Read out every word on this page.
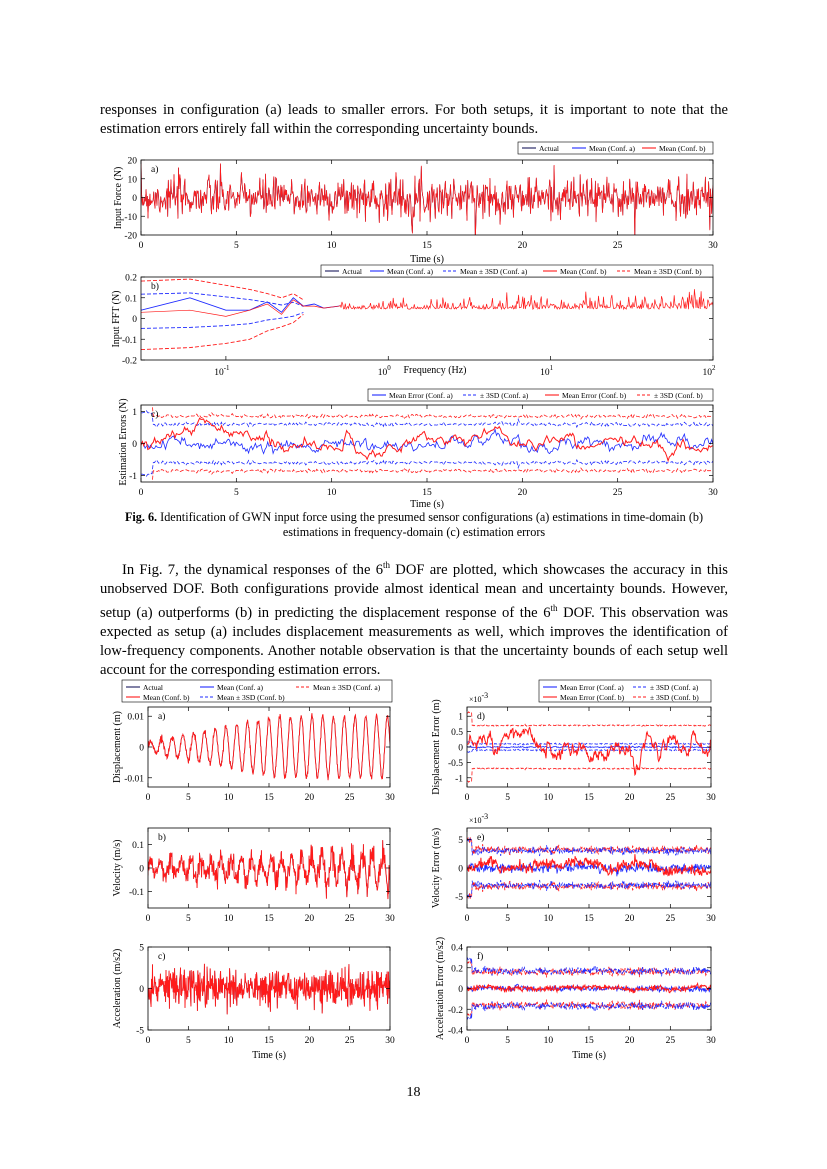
responses in configuration (a) leads to smaller errors. For both setups, it is important to note that the estimation errors entirely fall within the corresponding uncertainty bounds.

0	5	10	15	20	25	30
-20
-10
0
10
20
a)
Time (s)
Input Force (N)
Actual	Mean (Conf. a)	Mean (Conf. b)
$10^{-1}$	$10^0$	$10^1$	$10^2$
-0.2
-0.1
0
0.1
0.2
b)
Frequency (Hz)
Input FFT (N)
Actual	Mean (Conf. a)	Mean ± 3SD (Conf. a)	Mean (Conf. b)	Mean ± 3SD (Conf. b)
0	5	10	15	20	25	30
-1
0
1 c)
Time (s)
Estimation Errors (N)
Mean Error (Conf. a)	± 3SD (Conf. a)	Mean Error (Conf. b)	± 3SD (Conf. b)
0	5	10	15	20	25	30
-0.01
0
0.01 a)
Displacement (m)
Actual	Mean (Conf. a)	Mean ± 3SD (Conf. a)
Mean (Conf. b)	Mean ± 3SD (Conf. b)
0	5	10	15	20	25	30
-0.1
0
0.1
b)
Velocity (m/s)
0	5	10	15	20	25	30
-5
0
5
c)
Time (s)
Acceleration (m/s2)
0	5	10	15	20	25	30
-1
-0.5
0
0.5
1 d)
×10-3
Displacement Error (m)
Mean Error (Conf. a)	± 3SD (Conf. a)
Mean Error (Conf. b)	± 3SD (Conf. b)
0	5	10	15	20	25	30
-5
0
5 e)
×10-3
Velocity Error (m/s)
0	5	10	15	20	25	30
-0.4
-0.2
0
0.2
0.4
f)
Time (s)
Acceleration Error (m/s2)
Fig. 6. Identification of GWN input force using the presumed sensor configurations (a) estimations in time-domain (b) estimations in frequency-domain (c) estimation errors

In Fig. 7, the dynamical responses of the 6th DOF are plotted, which showcases the accuracy in this unobserved DOF. Both configurations provide almost identical mean and uncertainty bounds. However, setup (a) outperforms (b) in predicting the displacement response of the 6th DOF. This observation was expected as setup (a) includes displacement measurements as well, which improves the identification of low-frequency components. Another notable observation is that the uncertainty bounds of each setup well account for the corresponding estimation errors.

18
